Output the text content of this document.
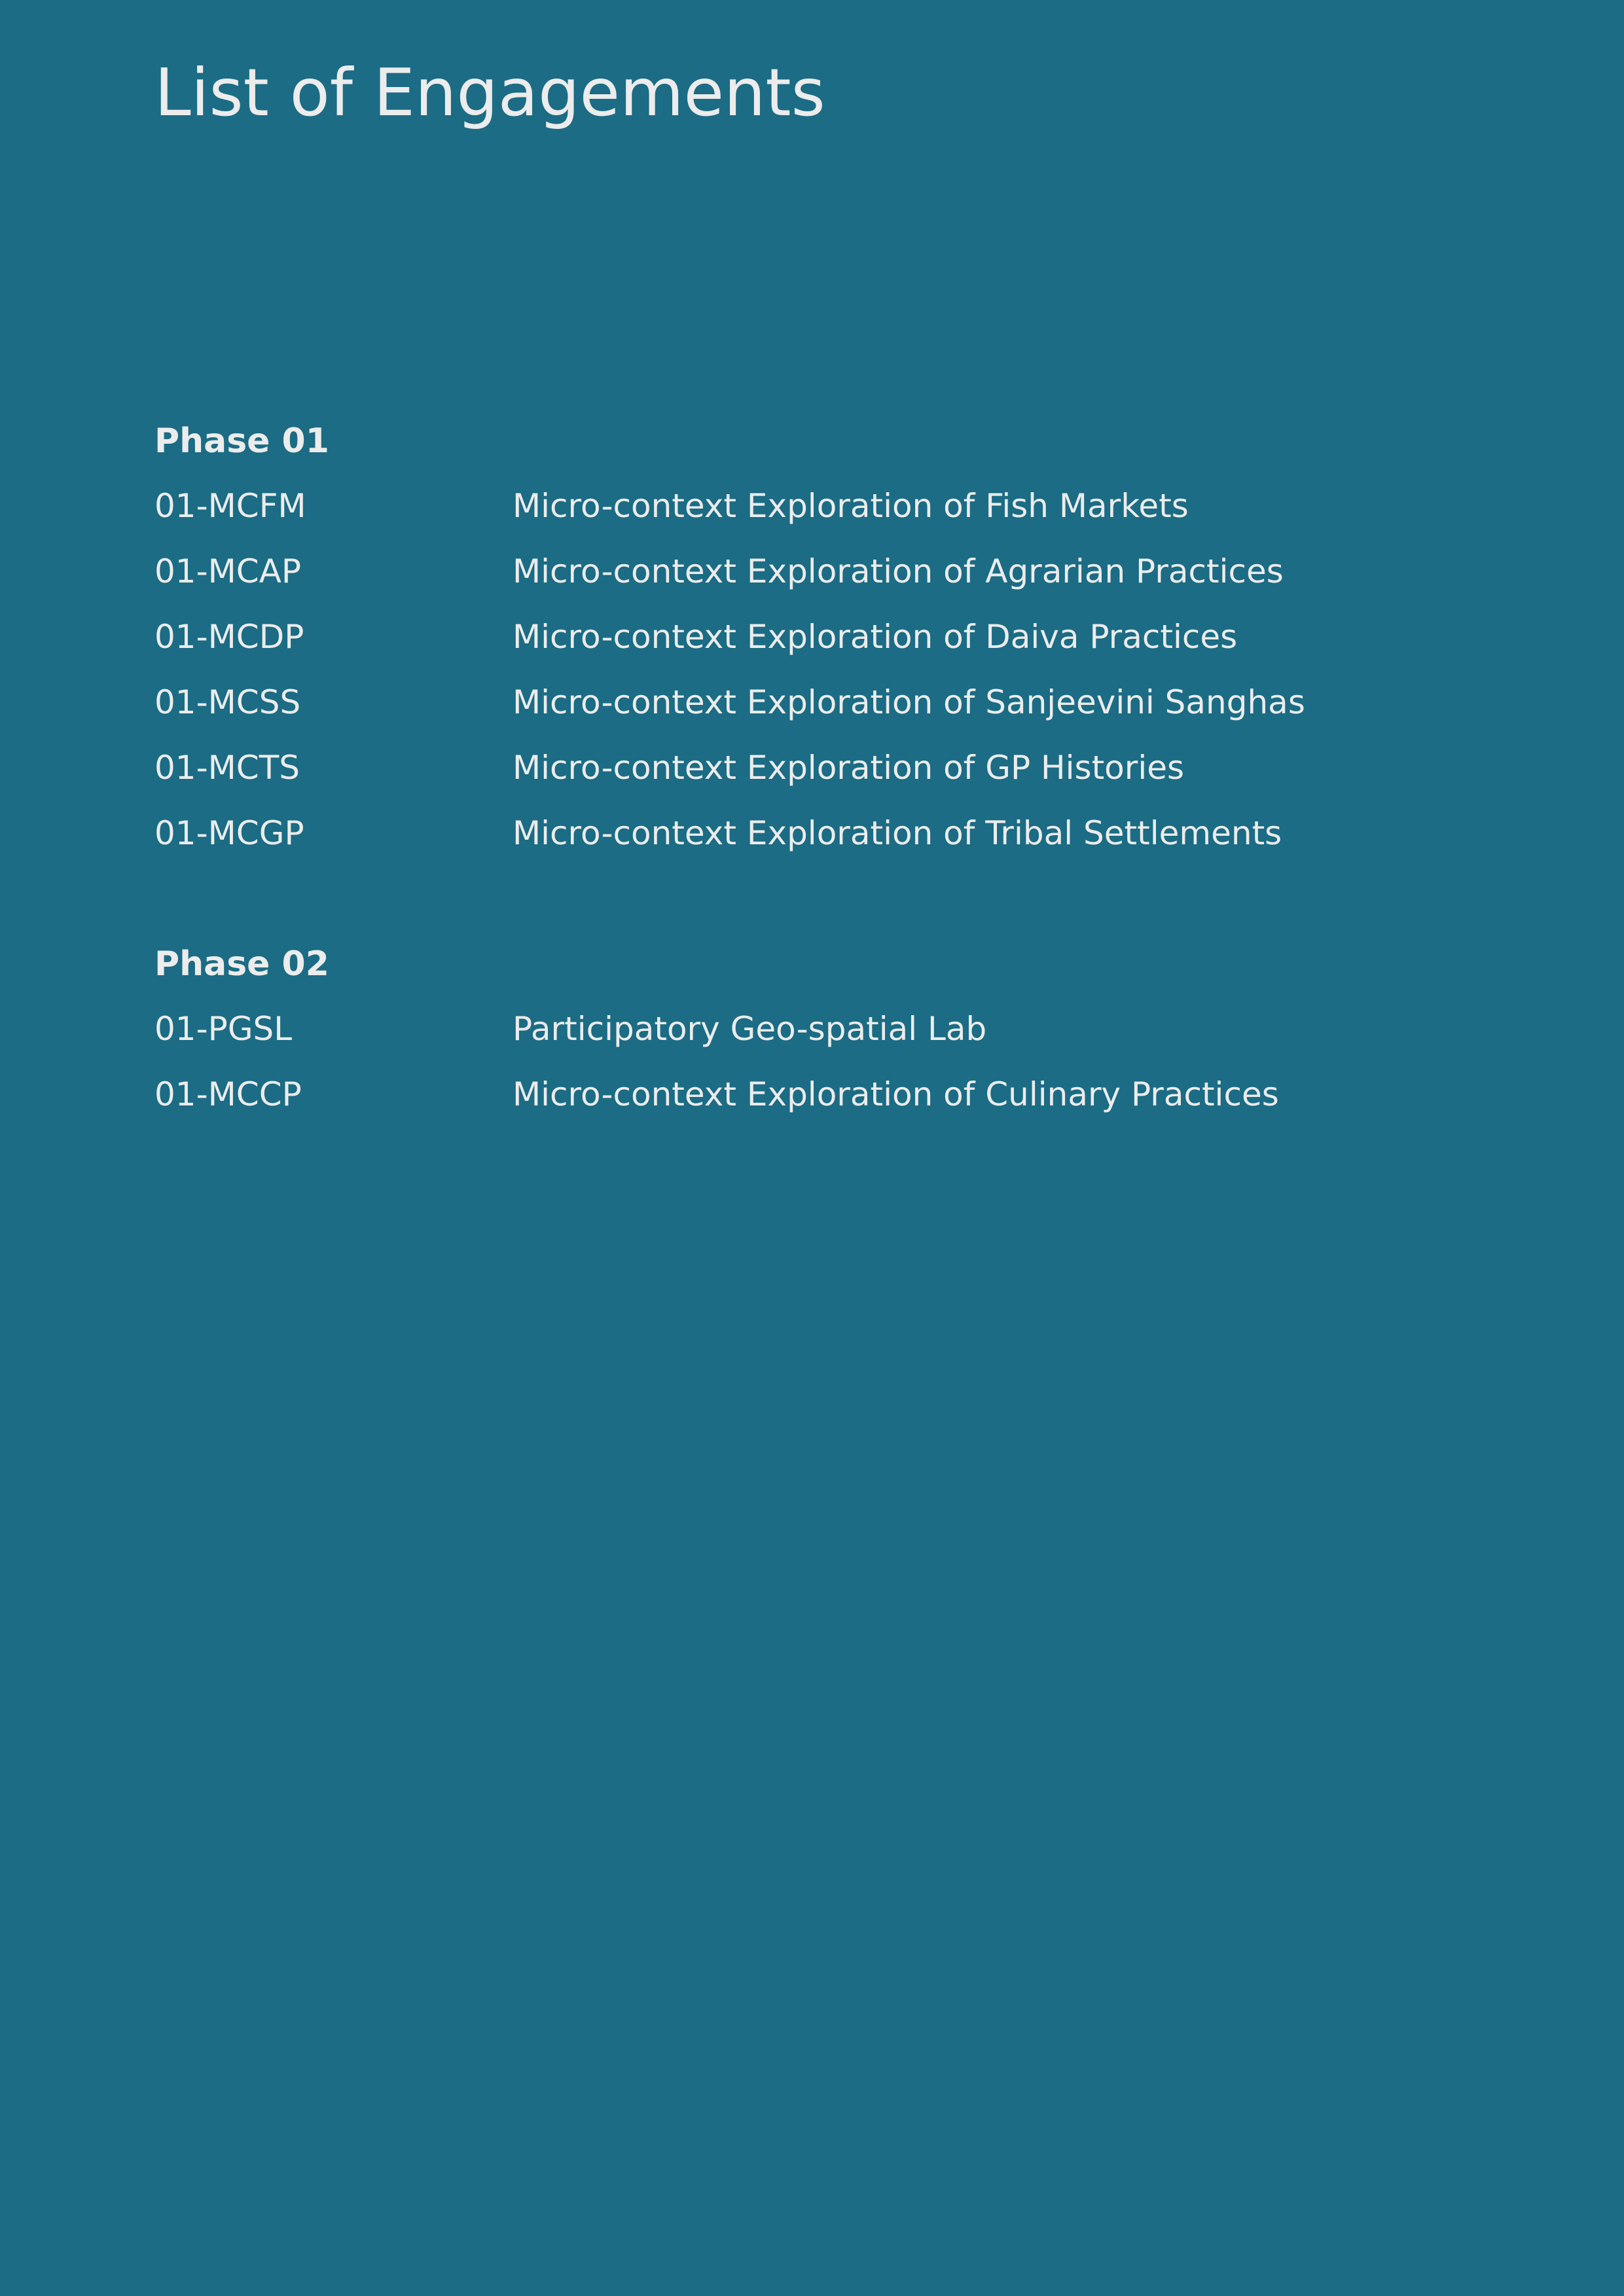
List of Engagements
Phase 01
01-MCFM	Micro-context Exploration of Fish Markets
01-MCAP	Micro-context Exploration of Agrarian Practices
01-MCDP	Micro-context Exploration of Daiva Practices
01-MCSS	Micro-context Exploration of Sanjeevini Sanghas
01-MCTS	Micro-context Exploration of GP Histories
01-MCGP	Micro-context Exploration of Tribal Settlements
Phase 02
01-PGSL	Participatory Geo-spatial Lab
01-MCCP	Micro-context Exploration of Culinary Practices
